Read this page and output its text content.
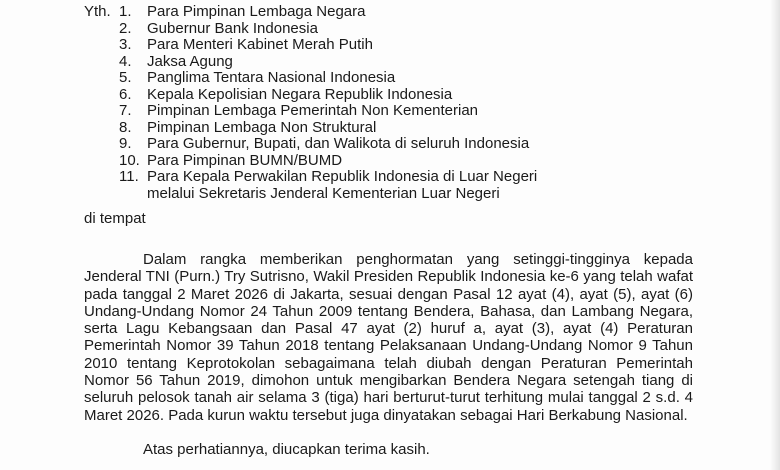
Yth. 1.	Para Pimpinan Lembaga Negara
2.	Gubernur Bank Indonesia
3.	Para Menteri Kabinet Merah Putih
4.	Jaksa Agung
5.	Panglima Tentara Nasional Indonesia
6.	Kepala Kepolisian Negara Republik Indonesia
7.	Pimpinan Lembaga Pemerintah Non Kementerian
8.	Pimpinan Lembaga Non Struktural
9.	Para Gubernur, Bupati, dan Walikota di seluruh Indonesia
10. Para Pimpinan BUMN/BUMD
11. Para Kepala Perwakilan Republik Indonesia di Luar Negeri
melalui Sekretaris Jenderal Kementerian Luar Negeri
di tempat
Dalam rangka memberikan penghormatan yang setinggi-tingginya kepada Jenderal TNI (Purn.) Try Sutrisno, Wakil Presiden Republik Indonesia ke-6 yang telah wafat pada tanggal 2 Maret 2026 di Jakarta, sesuai dengan Pasal 12 ayat (4), ayat (5), ayat (6) Undang-Undang Nomor 24 Tahun 2009 tentang Bendera, Bahasa, dan Lambang Negara, serta Lagu Kebangsaan dan Pasal 47 ayat (2) huruf a, ayat (3), ayat (4) Peraturan Pemerintah Nomor 39 Tahun 2018 tentang Pelaksanaan Undang-Undang Nomor 9 Tahun 2010 tentang Keprotokolan sebagaimana telah diubah dengan Peraturan Pemerintah Nomor 56 Tahun 2019, dimohon untuk mengibarkan Bendera Negara setengah tiang di seluruh pelosok tanah air selama 3 (tiga) hari berturut-turut terhitung mulai tanggal 2 s.d. 4 Maret 2026. Pada kurun waktu tersebut juga dinyatakan sebagai Hari Berkabung Nasional.
Atas perhatiannya, diucapkan terima kasih.
